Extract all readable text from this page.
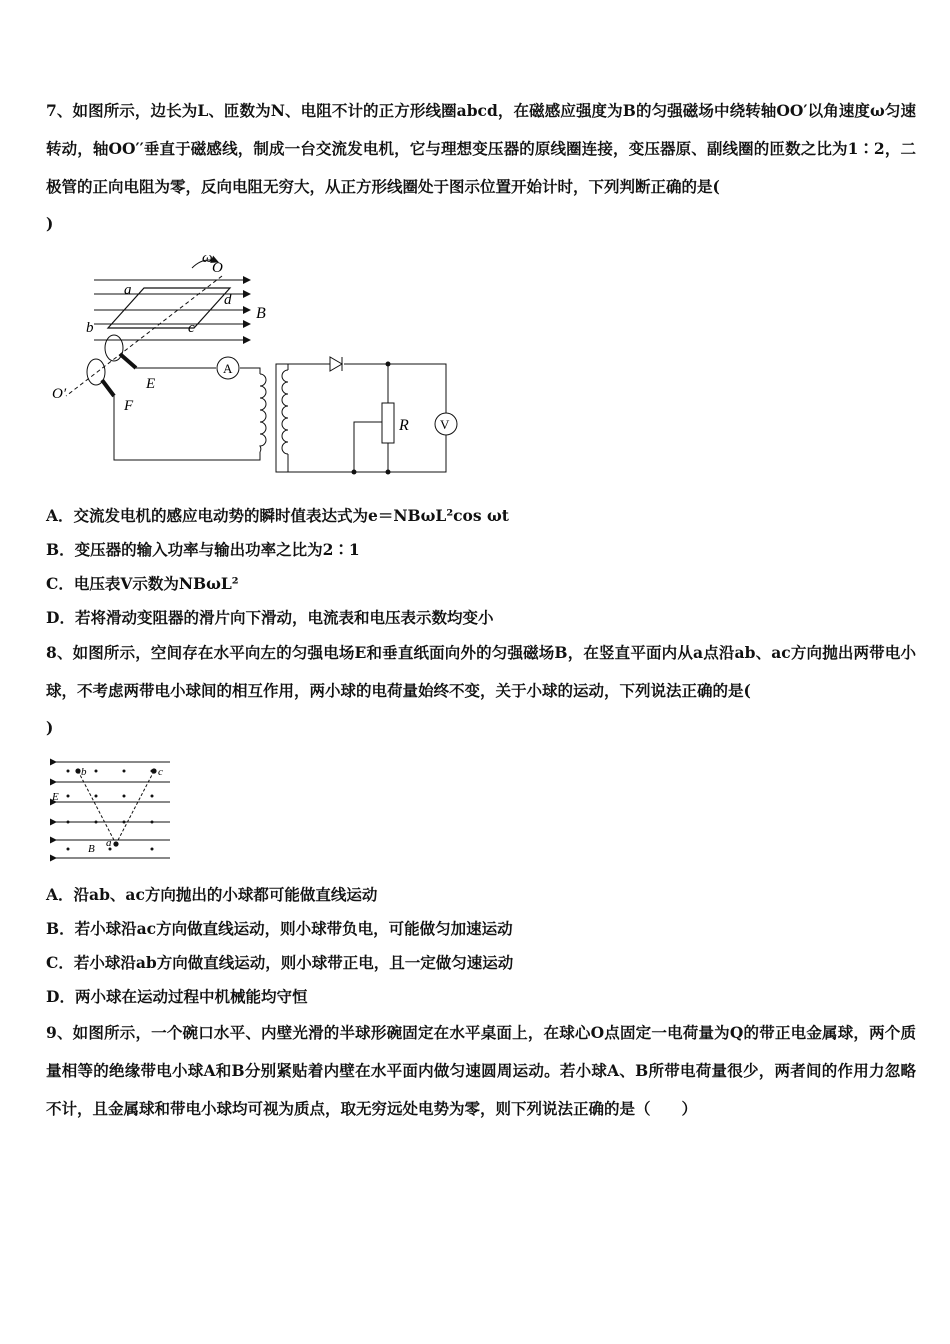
7、如图所示，边长为L、匝数为N、电阻不计的正方形线圈abcd，在磁感应强度为B的匀强磁场中绕转轴OO′以角速度ω匀速转动，轴OO′′垂直于磁感线，制成一台交流发电机，它与理想变压器的原线圈连接，变压器原、副线圈的匝数之比为1∶2，二极管的正向电阻为零，反向电阻无穷大，从正方形线圈处于图示位置开始计时，下列判断正确的是(
)
A
R V
ω
O
a
d
B
b	c
E
O′
F
A．交流发电机的感应电动势的瞬时值表达式为e＝NBωL²cos ωt
B．变压器的输入功率与输出功率之比为2∶1
C．电压表V示数为NBωL²
D．若将滑动变阻器的滑片向下滑动，电流表和电压表示数均变小
8、如图所示，空间存在水平向左的匀强电场E和垂直纸面向外的匀强磁场B，在竖直平面内从a点沿ab、ac方向抛出两带电小球，不考虑两带电小球间的相互作用，两小球的电荷量始终不变，关于小球的运动，下列说法正确的是(
)
b	c
a
E
B
A．沿ab、ac方向抛出的小球都可能做直线运动
B．若小球沿ac方向做直线运动，则小球带负电，可能做匀加速运动
C．若小球沿ab方向做直线运动，则小球带正电，且一定做匀速运动
D．两小球在运动过程中机械能均守恒
9、如图所示，一个碗口水平、内壁光滑的半球形碗固定在水平桌面上，在球心O点固定一电荷量为Q的带正电金属球，两个质量相等的绝缘带电小球A和B分别紧贴着内壁在水平面内做匀速圆周运动。若小球A、B所带电荷量很少，两者间的作用力忽略不计，且金属球和带电小球均可视为质点，取无穷远处电势为零，则下列说法正确的是（　　）
